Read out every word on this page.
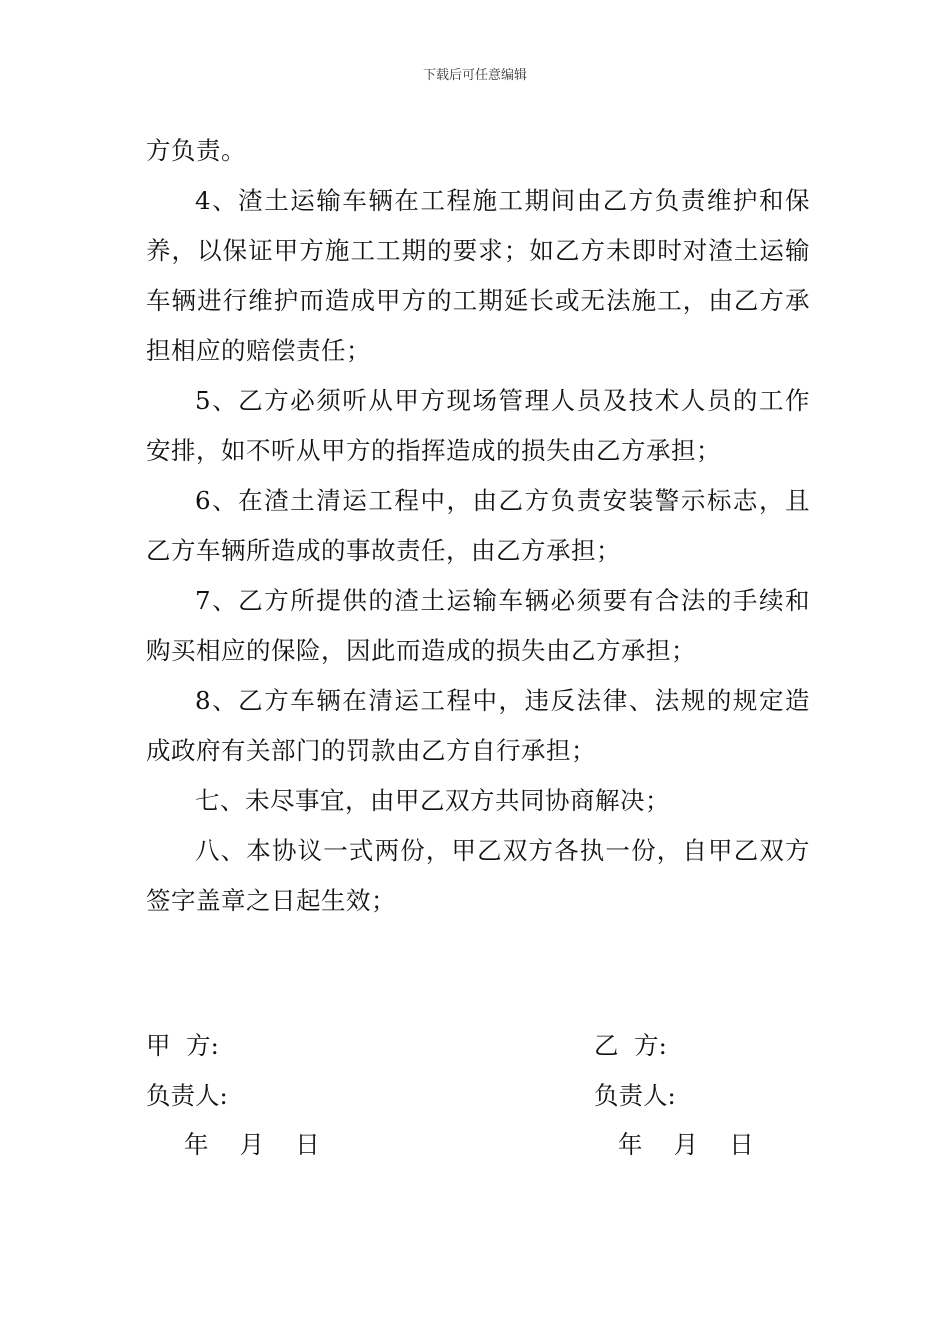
下载后可任意编辑

方负责。

4、渣土运输车辆在工程施工期间由乙方负责维护和保养，以保证甲方施工工期的要求；如乙方未即时对渣土运输车辆进行维护而造成甲方的工期延长或无法施工，由乙方承担相应的赔偿责任；

5、乙方必须听从甲方现场管理人员及技术人员的工作安排，如不听从甲方的指挥造成的损失由乙方承担；

6、在渣土清运工程中，由乙方负责安装警示标志，且乙方车辆所造成的事故责任，由乙方承担；

7、乙方所提供的渣土运输车辆必须要有合法的手续和购买相应的保险，因此而造成的损失由乙方承担；

8、乙方车辆在清运工程中，违反法律、法规的规定造成政府有关部门的罚款由乙方自行承担；

七、未尽事宜，由甲乙双方共同协商解决；

八、本协议一式两份，甲乙双方各执一份，自甲乙双方签字盖章之日起生效；

甲  方:
负责人:
年    月    日
乙  方:
负责人:
年    月    日
